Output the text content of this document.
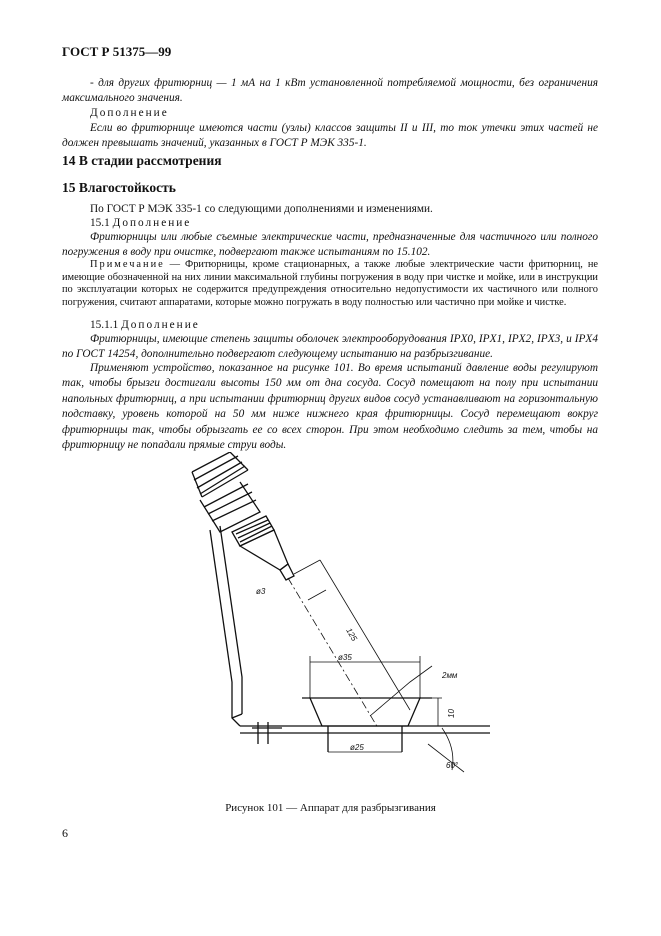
ГОСТ Р 51375—99
- для других фритюрниц — 1 мА на 1 кВт установленной потребляемой мощности, без ограничения максимального значения.
Дополнение
Если во фритюрнице имеются части (узлы) классов защиты II и III, то ток утечки этих частей не должен превышать значений, указанных в ГОСТ Р МЭК 335-1.
14 В стадии рассмотрения
15 Влагостойкость
По ГОСТ Р МЭК 335-1 со следующими дополнениями и изменениями.
15.1 Дополнение
Фритюрницы или любые съемные электрические части, предназначенные для частичного или полного погружения в воду при очистке, подвергают также испытаниям по 15.102.
Примечание — Фритюрницы, кроме стационарных, а также любые электрические части фритюрниц, не имеющие обозначенной на них линии максимальной глубины погружения в воду при чистке и мойке, или в инструкции по эксплуатации которых не содержится предупреждения относительно недопустимости их частичного или полного погружения, считают аппаратами, которые можно погружать в воду полностью или частично при мойке и чистке.
15.1.1 Дополнение
Фритюрницы, имеющие степень защиты оболочек электрооборудования IPX0, IPX1, IPX2, IPX3, и IPX4 по ГОСТ 14254, дополнительно подвергают следующему испытанию на разбрызгивание.
Применяют устройство, показанное на рисунке 101. Во время испытаний давление воды регулируют так, чтобы брызги достигали высоты 150 мм от дна сосуда. Сосуд помещают на полу при испытании напольных фритюрниц, а при испытании фритюрниц других видов сосуд устанавливают на горизонтальную подставку, уровень которой на 50 мм ниже нижнего края фритюрницы. Сосуд перемещают вокруг фритюрницы так, чтобы обрызгать ее со всех сторон. При этом необходимо следить за тем, чтобы на фритюрницу не попадали прямые струи воды.
ø3
125
ø35
ø25
10
2мм
60°
Рисунок 101 — Аппарат для разбрызгивания
6
